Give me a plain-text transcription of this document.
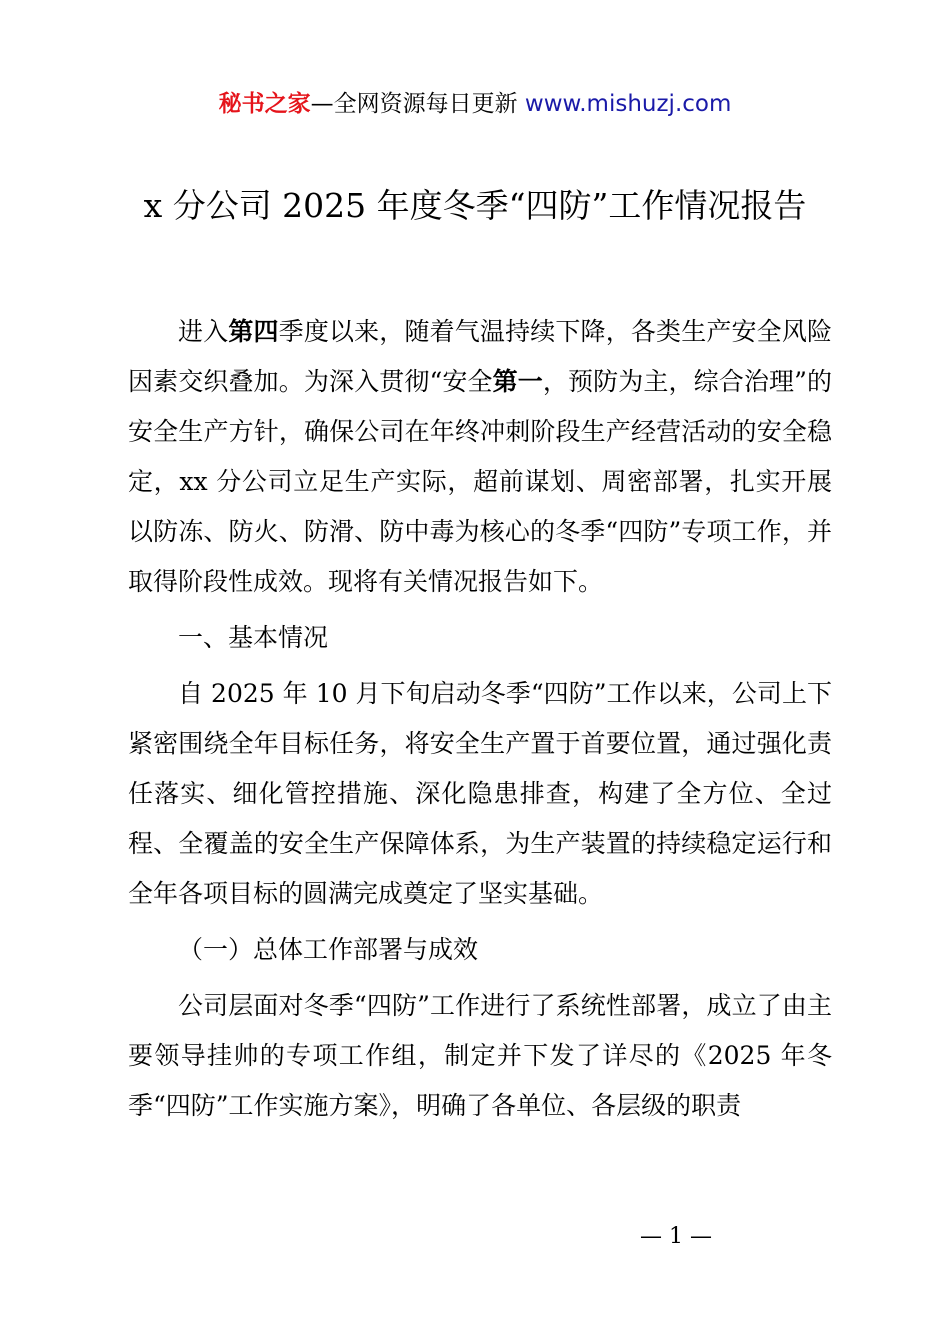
秘书之家—全网资源每日更新 www.mishuzj.com
x 分公司 2025 年度冬季“四防”工作情况报告

进入第四季度以来，随着气温持续下降，各类生产安全风险因素交织叠加。为深入贯彻“安全第一，预防为主，综合治理”的安全生产方针，确保公司在年终冲刺阶段生产经营活动的安全稳定，xx 分公司立足生产实际，超前谋划、周密部署，扎实开展以防冻、防火、防滑、防中毒为核心的冬季“四防”专项工作，并取得阶段性成效。现将有关情况报告如下。

一、基本情况

自 2025 年 10 月下旬启动冬季“四防”工作以来，公司上下紧密围绕全年目标任务，将安全生产置于首要位置，通过强化责任落实、细化管控措施、深化隐患排查，构建了全方位、全过程、全覆盖的安全生产保障体系，为生产装置的持续稳定运行和全年各项目标的圆满完成奠定了坚实基础。

（一）总体工作部署与成效

公司层面对冬季“四防”工作进行了系统性部署，成立了由主要领导挂帅的专项工作组，制定并下发了详尽的《2025 年冬季“四防”工作实施方案》，明确了各单位、各层级的职责

— 1 —
